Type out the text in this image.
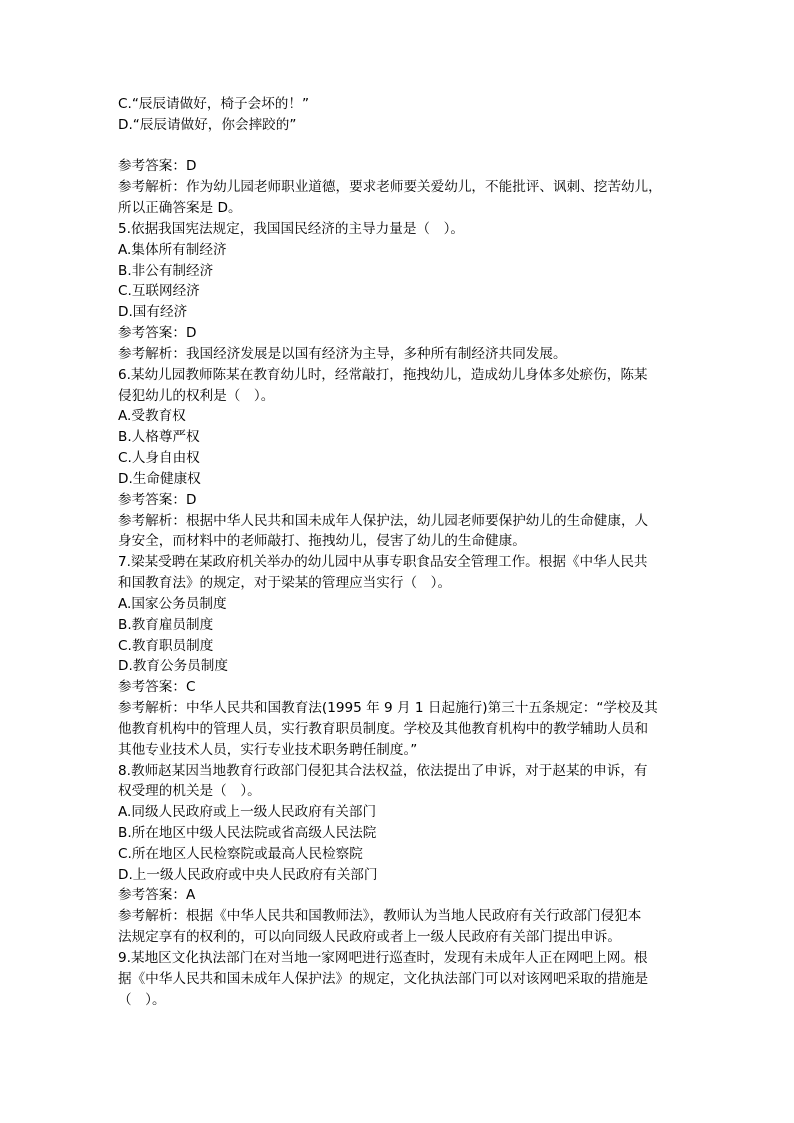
C.“辰辰请做好，椅子会坏的！”
D.“辰辰请做好，你会摔跤的”
参考答案：D
参考解析：作为幼儿园老师职业道德，要求老师要关爱幼儿，不能批评、讽刺、挖苦幼儿，
所以正确答案是 D。
5.依据我国宪法规定，我国国民经济的主导力量是（　）。
A.集体所有制经济
B.非公有制经济
C.互联网经济
D.国有经济
参考答案：D
参考解析：我国经济发展是以国有经济为主导，多种所有制经济共同发展。
6.某幼儿园教师陈某在教育幼儿时，经常敲打，拖拽幼儿，造成幼儿身体多处瘀伤，陈某
侵犯幼儿的权利是（　）。
A.受教育权
B.人格尊严权
C.人身自由权
D.生命健康权
参考答案：D
参考解析：根据中华人民共和国未成年人保护法，幼儿园老师要保护幼儿的生命健康，人
身安全，而材料中的老师敲打、拖拽幼儿，侵害了幼儿的生命健康。
7.梁某受聘在某政府机关举办的幼儿园中从事专职食品安全管理工作。根据《中华人民共
和国教育法》的规定，对于梁某的管理应当实行（　）。
A.国家公务员制度
B.教育雇员制度
C.教育职员制度
D.教育公务员制度
参考答案：C
参考解析：中华人民共和国教育法(1995 年 9 月 1 日起施行)第三十五条规定：“学校及其
他教育机构中的管理人员，实行教育职员制度。学校及其他教育机构中的教学辅助人员和
其他专业技术人员，实行专业技术职务聘任制度。”
8.教师赵某因当地教育行政部门侵犯其合法权益，依法提出了申诉，对于赵某的申诉，有
权受理的机关是（　）。
A.同级人民政府或上一级人民政府有关部门
B.所在地区中级人民法院或省高级人民法院
C.所在地区人民检察院或最高人民检察院
D.上一级人民政府或中央人民政府有关部门
参考答案：A
参考解析：根据《中华人民共和国教师法》，教师认为当地人民政府有关行政部门侵犯本
法规定享有的权利的，可以向同级人民政府或者上一级人民政府有关部门提出申诉。
9.某地区文化执法部门在对当地一家网吧进行巡查时，发现有未成年人正在网吧上网。根
据《中华人民共和国未成年人保护法》的规定，文化执法部门可以对该网吧采取的措施是
（　）。
